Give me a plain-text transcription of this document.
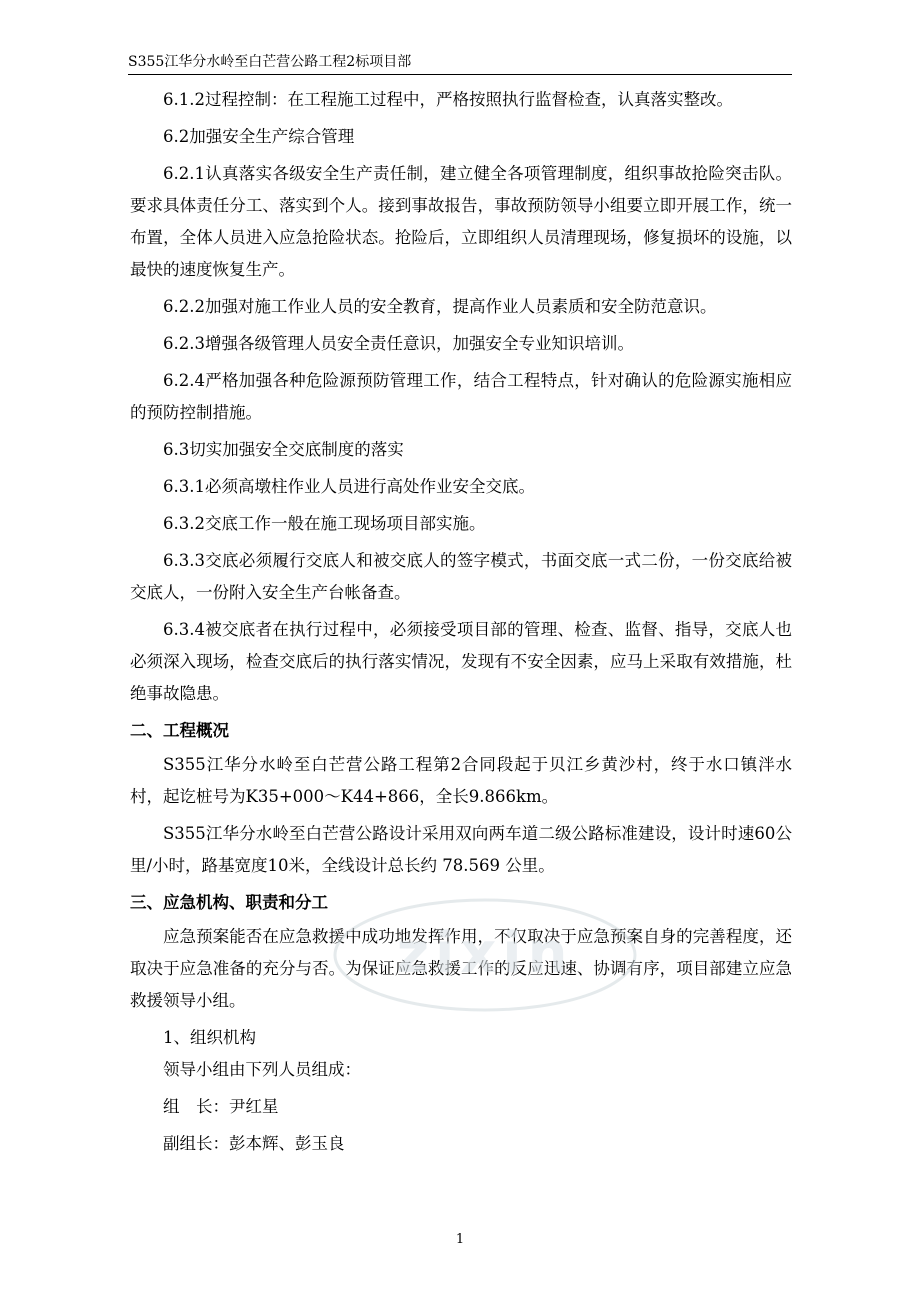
S355江华分水岭至白芒营公路工程2标项目部

6.1.2过程控制：在工程施工过程中，严格按照执行监督检查，认真落实整改。

6.2加强安全生产综合管理

6.2.1认真落实各级安全生产责任制，建立健全各项管理制度，组织事故抢险突击队。要求具体责任分工、落实到个人。接到事故报告，事故预防领导小组要立即开展工作，统一布置，全体人员进入应急抢险状态。抢险后，立即组织人员清理现场，修复损坏的设施，以最快的速度恢复生产。

6.2.2加强对施工作业人员的安全教育，提高作业人员素质和安全防范意识。

6.2.3增强各级管理人员安全责任意识，加强安全专业知识培训。

6.2.4严格加强各种危险源预防管理工作，结合工程特点，针对确认的危险源实施相应的预防控制措施。

6.3切实加强安全交底制度的落实

6.3.1必须高墩柱作业人员进行高处作业安全交底。

6.3.2交底工作一般在施工现场项目部实施。

6.3.3交底必须履行交底人和被交底人的签字模式，书面交底一式二份，一份交底给被交底人，一份附入安全生产台帐备查。

6.3.4被交底者在执行过程中，必须接受项目部的管理、检查、监督、指导，交底人也必须深入现场，检查交底后的执行落实情况，发现有不安全因素，应马上采取有效措施，杜绝事故隐患。

二、工程概况

S355江华分水岭至白芒营公路工程第2合同段起于贝江乡黄沙村，终于水口镇泮水村，起讫桩号为K35+000～K44+866，全长9.866km。

S355江华分水岭至白芒营公路设计采用双向两车道二级公路标准建设，设计时速60公里/小时，路基宽度10米，全线设计总长约 78.569 公里。

三、应急机构、职责和分工

应急预案能否在应急救援中成功地发挥作用，不仅取决于应急预案自身的完善程度，还取决于应急准备的充分与否。为保证应急救援工作的反应迅速、协调有序，项目部建立应急救援领导小组。

1、组织机构

领导小组由下列人员组成：

组　长：尹红星

副组长：彭本辉、彭玉良

zixin
1
